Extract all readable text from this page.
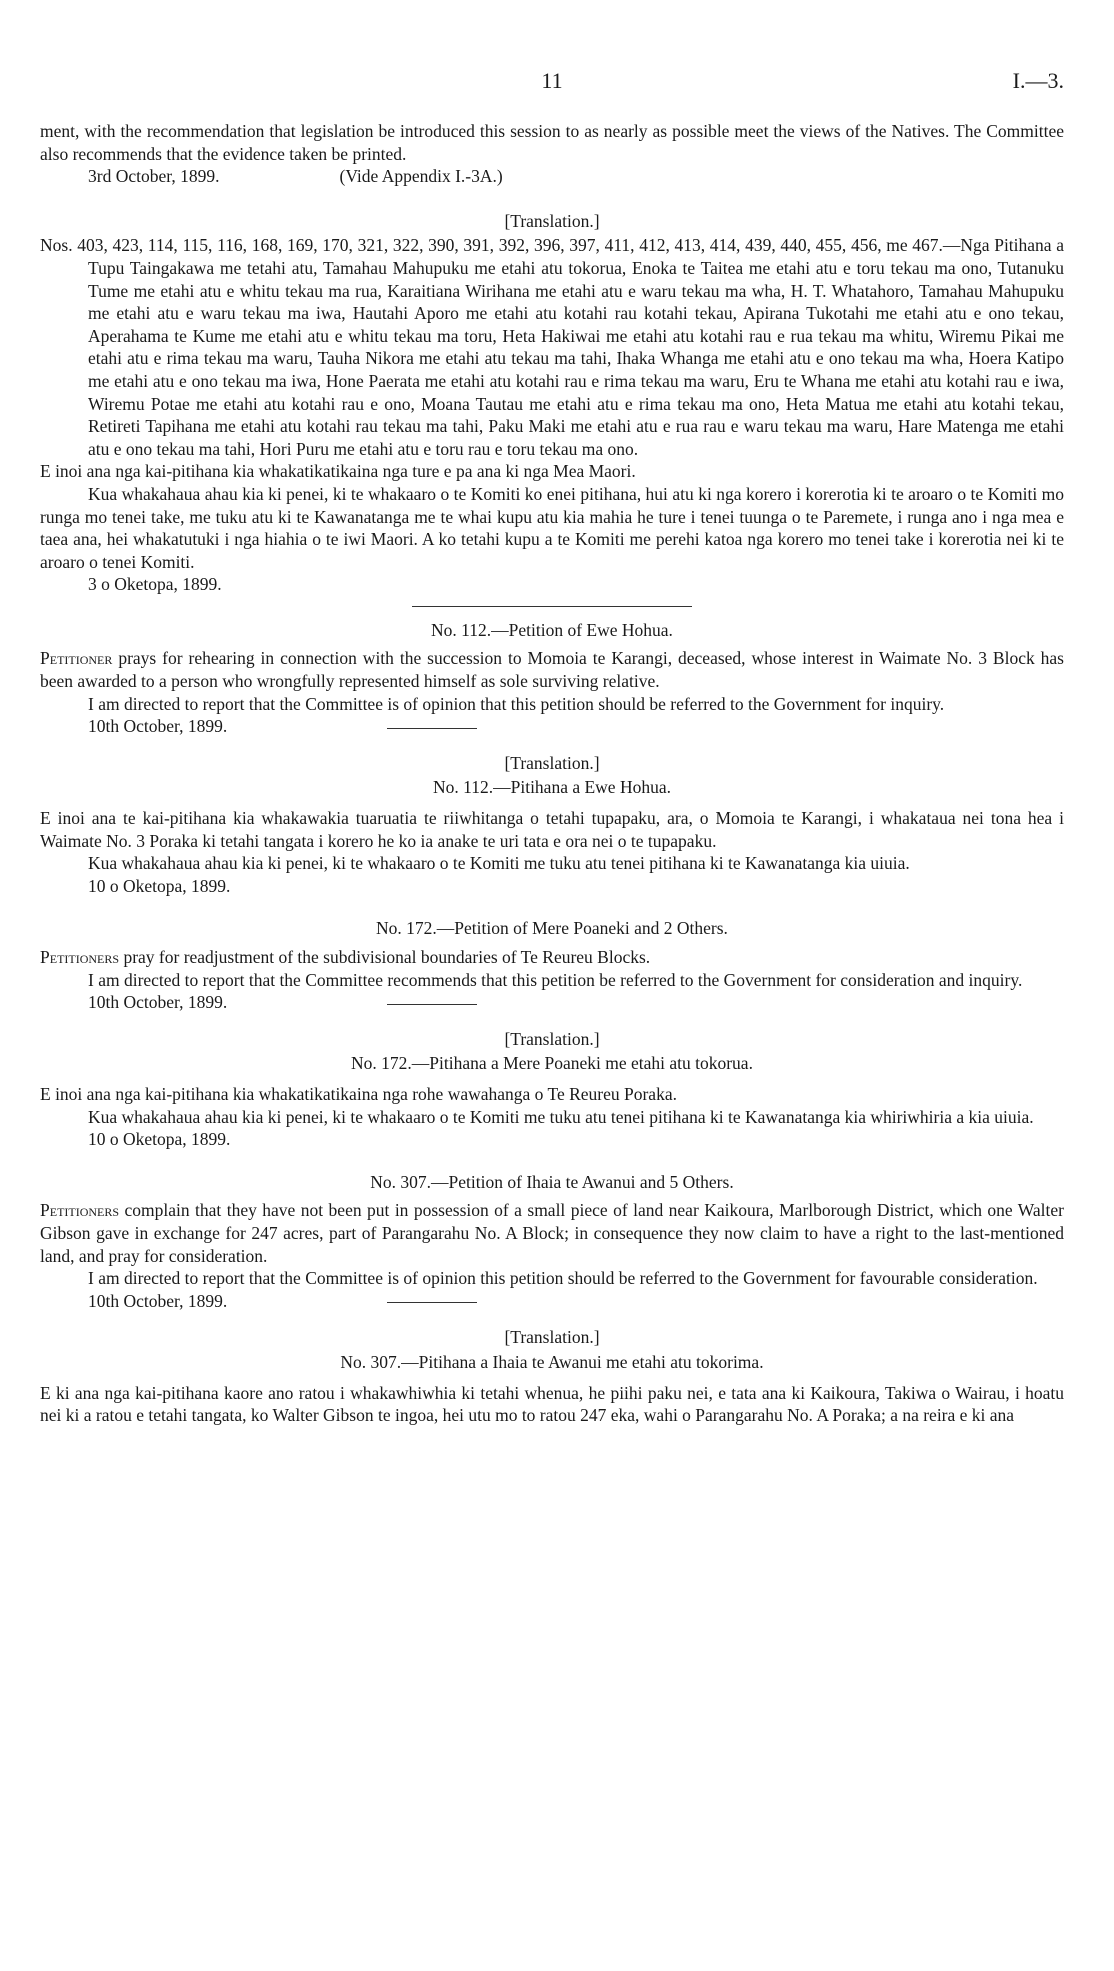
11	I.—3.

ment, with the recommendation that legislation be introduced this session to as nearly as possible meet the views of the Natives. The Committee also recommends that the evidence taken be printed.

3rd October, 1899.	(Vide Appendix I.-3A.)

[Translation.]

Nos. 403, 423, 114, 115, 116, 168, 169, 170, 321, 322, 390, 391, 392, 396, 397, 411, 412, 413, 414, 439, 440, 455, 456, me 467.—Nga Pitihana a Tupu Taingakawa me tetahi atu, Tamahau Mahupuku me etahi atu tokorua, Enoka te Taitea me etahi atu e toru tekau ma ono, Tutanuku Tume me etahi atu e whitu tekau ma rua, Karaitiana Wirihana me etahi atu e waru tekau ma wha, H. T. Whatahoro, Tamahau Mahupuku me etahi atu e waru tekau ma iwa, Hautahi Aporo me etahi atu kotahi rau kotahi tekau, Apirana Tukotahi me etahi atu e ono tekau, Aperahama te Kume me etahi atu e whitu tekau ma toru, Heta Hakiwai me etahi atu kotahi rau e rua tekau ma whitu, Wiremu Pikai me etahi atu e rima tekau ma waru, Tauha Nikora me etahi atu tekau ma tahi, Ihaka Whanga me etahi atu e ono tekau ma wha, Hoera Katipo me etahi atu e ono tekau ma iwa, Hone Paerata me etahi atu kotahi rau e rima tekau ma waru, Eru te Whana me etahi atu kotahi rau e iwa, Wiremu Potae me etahi atu kotahi rau e ono, Moana Tautau me etahi atu e rima tekau ma ono, Heta Matua me etahi atu kotahi tekau, Retireti Tapihana me etahi atu kotahi rau tekau ma tahi, Paku Maki me etahi atu e rua rau e waru tekau ma waru, Hare Matenga me etahi atu e ono tekau ma tahi, Hori Puru me etahi atu e toru rau e toru tekau ma ono.

E inoi ana nga kai-pitihana kia whakatikatikaina nga ture e pa ana ki nga Mea Maori.

Kua whakahaua ahau kia ki penei, ki te whakaaro o te Komiti ko enei pitihana, hui atu ki nga korero i korerotia ki te aroaro o te Komiti mo runga mo tenei take, me tuku atu ki te Kawanatanga me te whai kupu atu kia mahia he ture i tenei tuunga o te Paremete, i runga ano i nga mea e taea ana, hei whakatutuki i nga hiahia o te iwi Maori. A ko tetahi kupu a te Komiti me perehi katoa nga korero mo tenei take i korerotia nei ki te aroaro o tenei Komiti.

3 o Oketopa, 1899.

No. 112.—Petition of Ewe Hohua.

Petitioner prays for rehearing in connection with the succession to Momoia te Karangi, deceased, whose interest in Waimate No. 3 Block has been awarded to a person who wrongfully represented himself as sole surviving relative.

I am directed to report that the Committee is of opinion that this petition should be referred to the Government for inquiry.

10th October, 1899.

[Translation.]

No. 112.—Pitihana a Ewe Hohua.

E inoi ana te kai-pitihana kia whakawakia tuaruatia te riiwhitanga o tetahi tupapaku, ara, o Momoia te Karangi, i whakataua nei tona hea i Waimate No. 3 Poraka ki tetahi tangata i korero he ko ia anake te uri tata e ora nei o te tupapaku.

Kua whakahaua ahau kia ki penei, ki te whakaaro o te Komiti me tuku atu tenei pitihana ki te Kawanatanga kia uiuia.

10 o Oketopa, 1899.

No. 172.—Petition of Mere Poaneki and 2 Others.

Petitioners pray for readjustment of the subdivisional boundaries of Te Reureu Blocks.

I am directed to report that the Committee recommends that this petition be referred to the Government for consideration and inquiry.

10th October, 1899.

[Translation.]

No. 172.—Pitihana a Mere Poaneki me etahi atu tokorua.

E inoi ana nga kai-pitihana kia whakatikatikaina nga rohe wawahanga o Te Reureu Poraka.

Kua whakahaua ahau kia ki penei, ki te whakaaro o te Komiti me tuku atu tenei pitihana ki te Kawanatanga kia whiriwhiria a kia uiuia.

10 o Oketopa, 1899.

No. 307.—Petition of Ihaia te Awanui and 5 Others.

Petitioners complain that they have not been put in possession of a small piece of land near Kaikoura, Marlborough District, which one Walter Gibson gave in exchange for 247 acres, part of Parangarahu No. A Block; in consequence they now claim to have a right to the last-mentioned land, and pray for consideration.

I am directed to report that the Committee is of opinion this petition should be referred to the Government for favourable consideration.

10th October, 1899.

[Translation.]

No. 307.—Pitihana a Ihaia te Awanui me etahi atu tokorima.

E ki ana nga kai-pitihana kaore ano ratou i whakawhiwhia ki tetahi whenua, he piihi paku nei, e tata ana ki Kaikoura, Takiwa o Wairau, i hoatu nei ki a ratou e tetahi tangata, ko Walter Gibson te ingoa, hei utu mo to ratou 247 eka, wahi o Parangarahu No. A Poraka; a na reira e ki ana
